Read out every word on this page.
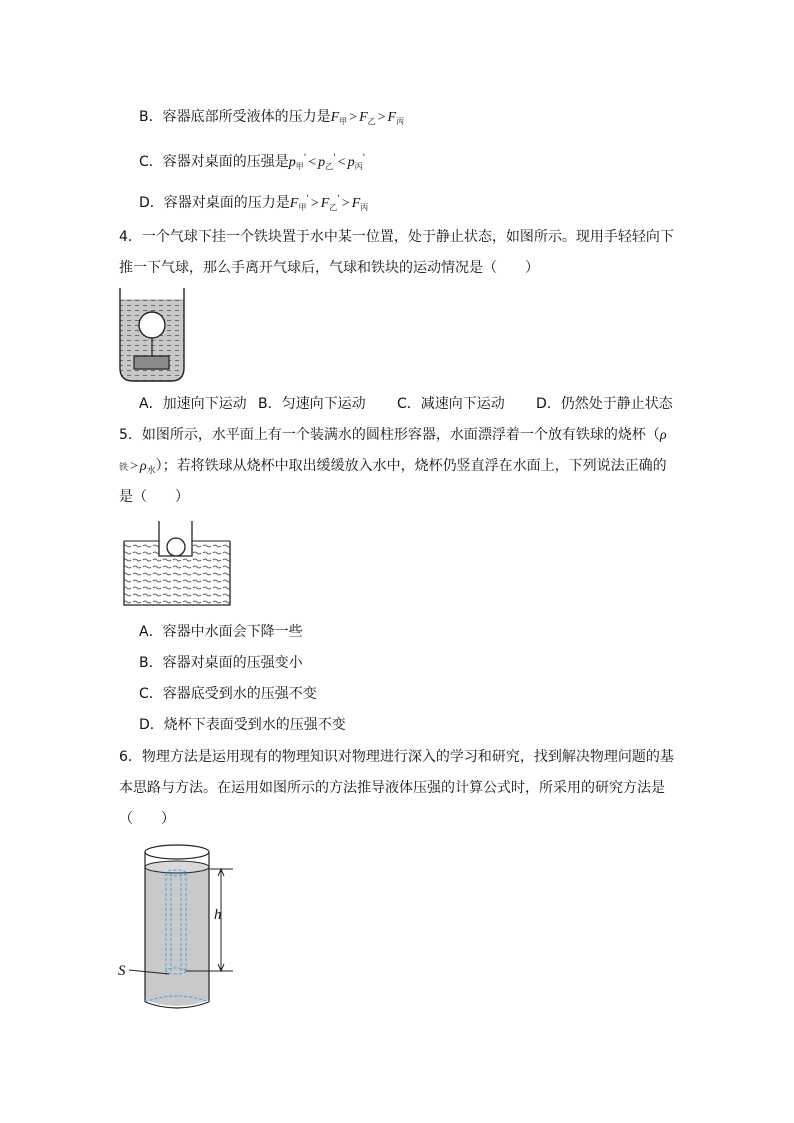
B．容器底部所受液体的压力是$F_甲 > F_乙 > F_丙$
C．容器对桌面的压强是$p_甲' < p_乙' < p_丙'$
D．容器对桌面的压力是$F_甲' > F_乙' > F_丙$
4．一个气球下挂一个铁块置于水中某一位置，处于静止状态，如图所示。现用手轻轻向下
推一下气球，那么手离开气球后，气球和铁块的运动情况是（　　）
A．加速向下运动 B．匀速向下运动 C．减速向下运动 D．仍然处于静止状态
5．如图所示，水平面上有一个装满水的圆柱形容器，水面漂浮着一个放有铁球的烧杯（ρ
铁 > $\rho_水$）；若将铁球从烧杯中取出缓缓放入水中，烧杯仍竖直浮在水面上，下列说法正确的
是（　　）
A．容器中水面会下降一些
B．容器对桌面的压强变小
C．容器底受到水的压强不变
D．烧杯下表面受到水的压强不变
6．物理方法是运用现有的物理知识对物理进行深入的学习和研究，找到解决物理问题的基
本思路与方法。在运用如图所示的方法推导液体压强的计算公式时，所采用的研究方法是
（　　）
h
S
